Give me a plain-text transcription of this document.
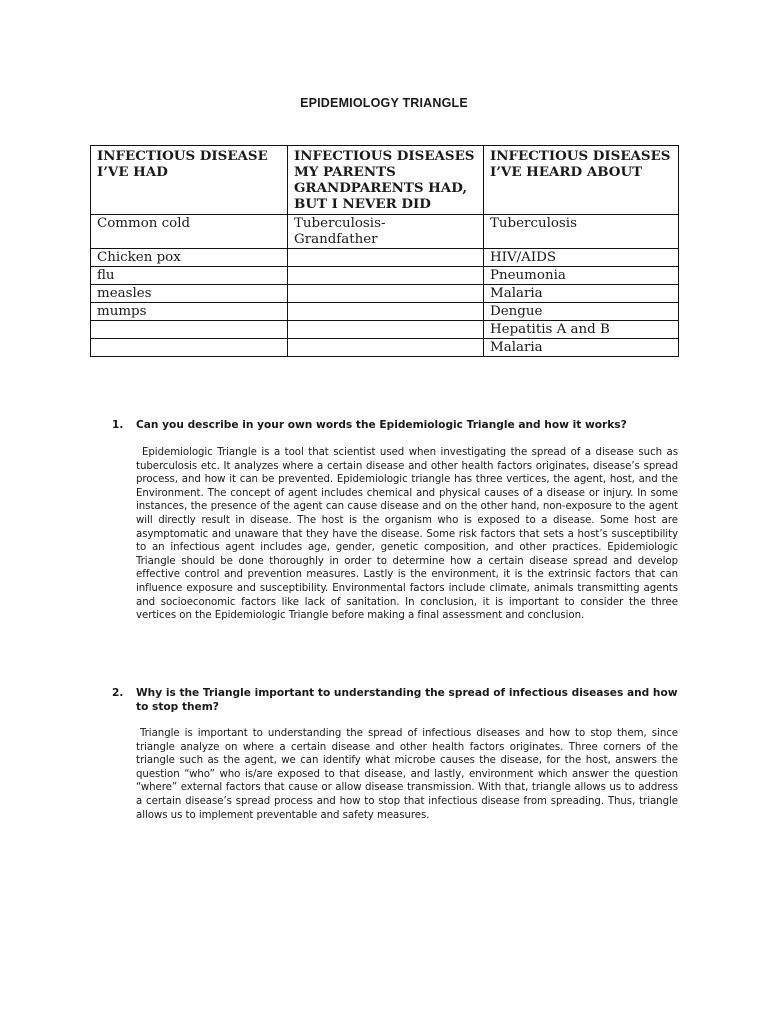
EPIDEMIOLOGY TRIANGLE
INFECTIOUS DISEASE I’VE HAD	INFECTIOUS DISEASES MY PARENTS GRANDPARENTS HAD, BUT I NEVER DID	INFECTIOUS DISEASES I’VE HEARD ABOUT
Common cold	Tuberculosis-Grandfather	Tuberculosis
Chicken pox		HIV/AIDS
flu		Pneumonia
measles		Malaria
mumps		Dengue
		Hepatitis A and B
		Malaria
1. Can you describe in your own words the Epidemiologic Triangle and how it works?
Epidemiologic Triangle is a tool that scientist used when investigating the spread of a disease such as tuberculosis etc. It analyzes where a certain disease and other health factors originates, disease’s spread process, and how it can be prevented. Epidemiologic triangle has three vertices, the agent, host, and the Environment. The concept of agent includes chemical and physical causes of a disease or injury. In some instances, the presence of the agent can cause disease and on the other hand, non-exposure to the agent will directly result in disease. The host is the organism who is exposed to a disease. Some host are asymptomatic and unaware that they have the disease. Some risk factors that sets a host’s susceptibility to an infectious agent includes age, gender, genetic composition, and other practices. Epidemiologic Triangle should be done thoroughly in order to determine how a certain disease spread and develop effective control and prevention measures. Lastly is the environment, it is the extrinsic factors that can influence exposure and susceptibility. Environmental factors include climate, animals transmitting agents and socioeconomic factors like lack of sanitation. In conclusion, it is important to consider the three vertices on the Epidemiologic Triangle before making a final assessment and conclusion.
2. Why is the Triangle important to understanding the spread of infectious diseases and how to stop them?
Triangle is important to understanding the spread of infectious diseases and how to stop them, since triangle analyze on where a certain disease and other health factors originates. Three corners of the triangle such as the agent, we can identify what microbe causes the disease, for the host, answers the question “who” who is/are exposed to that disease, and lastly, environment which answer the question “where” external factors that cause or allow disease transmission. With that, triangle allows us to address a certain disease’s spread process and how to stop that infectious disease from spreading. Thus, triangle allows us to implement preventable and safety measures.
